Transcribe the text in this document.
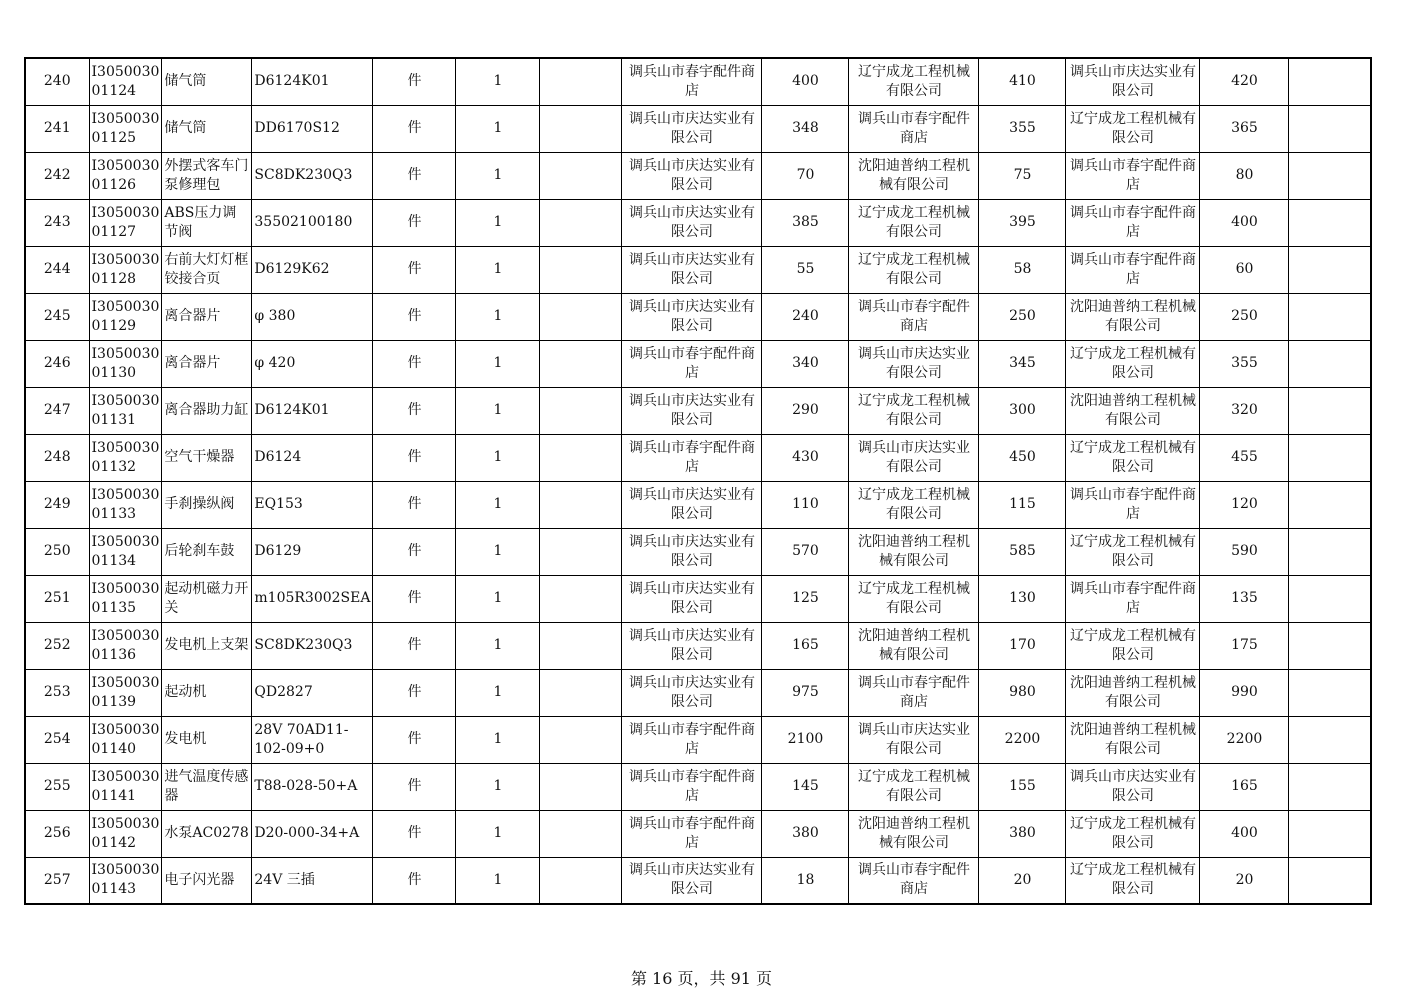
240	I3050030 01124	储气筒	D6124K01	件	1		调兵山市春宇配件商店	400	辽宁成龙工程机械有限公司	410	调兵山市庆达实业有限公司	420	
241	I3050030 01125	储气筒	DD6170S12	件	1		调兵山市庆达实业有限公司	348	调兵山市春宇配件商店	355	辽宁成龙工程机械有限公司	365	
242	I3050030 01126	外摆式客车门泵修理包	SC8DK230Q3	件	1		调兵山市庆达实业有限公司	70	沈阳迪普纳工程机械有限公司	75	调兵山市春宇配件商店	80	
243	I3050030 01127	ABS压力调节阀	35502100180	件	1		调兵山市庆达实业有限公司	385	辽宁成龙工程机械有限公司	395	调兵山市春宇配件商店	400	
244	I3050030 01128	右前大灯灯框铰接合页	D6129K62	件	1		调兵山市庆达实业有限公司	55	辽宁成龙工程机械有限公司	58	调兵山市春宇配件商店	60	
245	I3050030 01129	离合器片	φ 380	件	1		调兵山市庆达实业有限公司	240	调兵山市春宇配件商店	250	沈阳迪普纳工程机械有限公司	250	
246	I3050030 01130	离合器片	φ 420	件	1		调兵山市春宇配件商店	340	调兵山市庆达实业有限公司	345	辽宁成龙工程机械有限公司	355	
247	I3050030 01131	离合器助力缸	D6124K01	件	1		调兵山市庆达实业有限公司	290	辽宁成龙工程机械有限公司	300	沈阳迪普纳工程机械有限公司	320	
248	I3050030 01132	空气干燥器	D6124	件	1		调兵山市春宇配件商店	430	调兵山市庆达实业有限公司	450	辽宁成龙工程机械有限公司	455	
249	I3050030 01133	手刹操纵阀	EQ153	件	1		调兵山市庆达实业有限公司	110	辽宁成龙工程机械有限公司	115	调兵山市春宇配件商店	120	
250	I3050030 01134	后轮刹车鼓	D6129	件	1		调兵山市庆达实业有限公司	570	沈阳迪普纳工程机械有限公司	585	辽宁成龙工程机械有限公司	590	
251	I3050030 01135	起动机磁力开关	m105R3002SEA	件	1		调兵山市庆达实业有限公司	125	辽宁成龙工程机械有限公司	130	调兵山市春宇配件商店	135	
252	I3050030 01136	发电机上支架	SC8DK230Q3	件	1		调兵山市庆达实业有限公司	165	沈阳迪普纳工程机械有限公司	170	辽宁成龙工程机械有限公司	175	
253	I3050030 01139	起动机	QD2827	件	1		调兵山市庆达实业有限公司	975	调兵山市春宇配件商店	980	沈阳迪普纳工程机械有限公司	990	
254	I3050030 01140	发电机	28V 70AD11-102-09+0	件	1		调兵山市春宇配件商店	2100	调兵山市庆达实业有限公司	2200	沈阳迪普纳工程机械有限公司	2200	
255	I3050030 01141	进气温度传感器	T88-028-50+A	件	1		调兵山市春宇配件商店	145	辽宁成龙工程机械有限公司	155	调兵山市庆达实业有限公司	165	
256	I3050030 01142	水泵AC0278	D20-000-34+A	件	1		调兵山市春宇配件商店	380	沈阳迪普纳工程机械有限公司	380	辽宁成龙工程机械有限公司	400	
257	I3050030 01143	电子闪光器	24V 三插	件	1		调兵山市庆达实业有限公司	18	调兵山市春宇配件商店	20	辽宁成龙工程机械有限公司	20	
第 16 页，共 91 页
